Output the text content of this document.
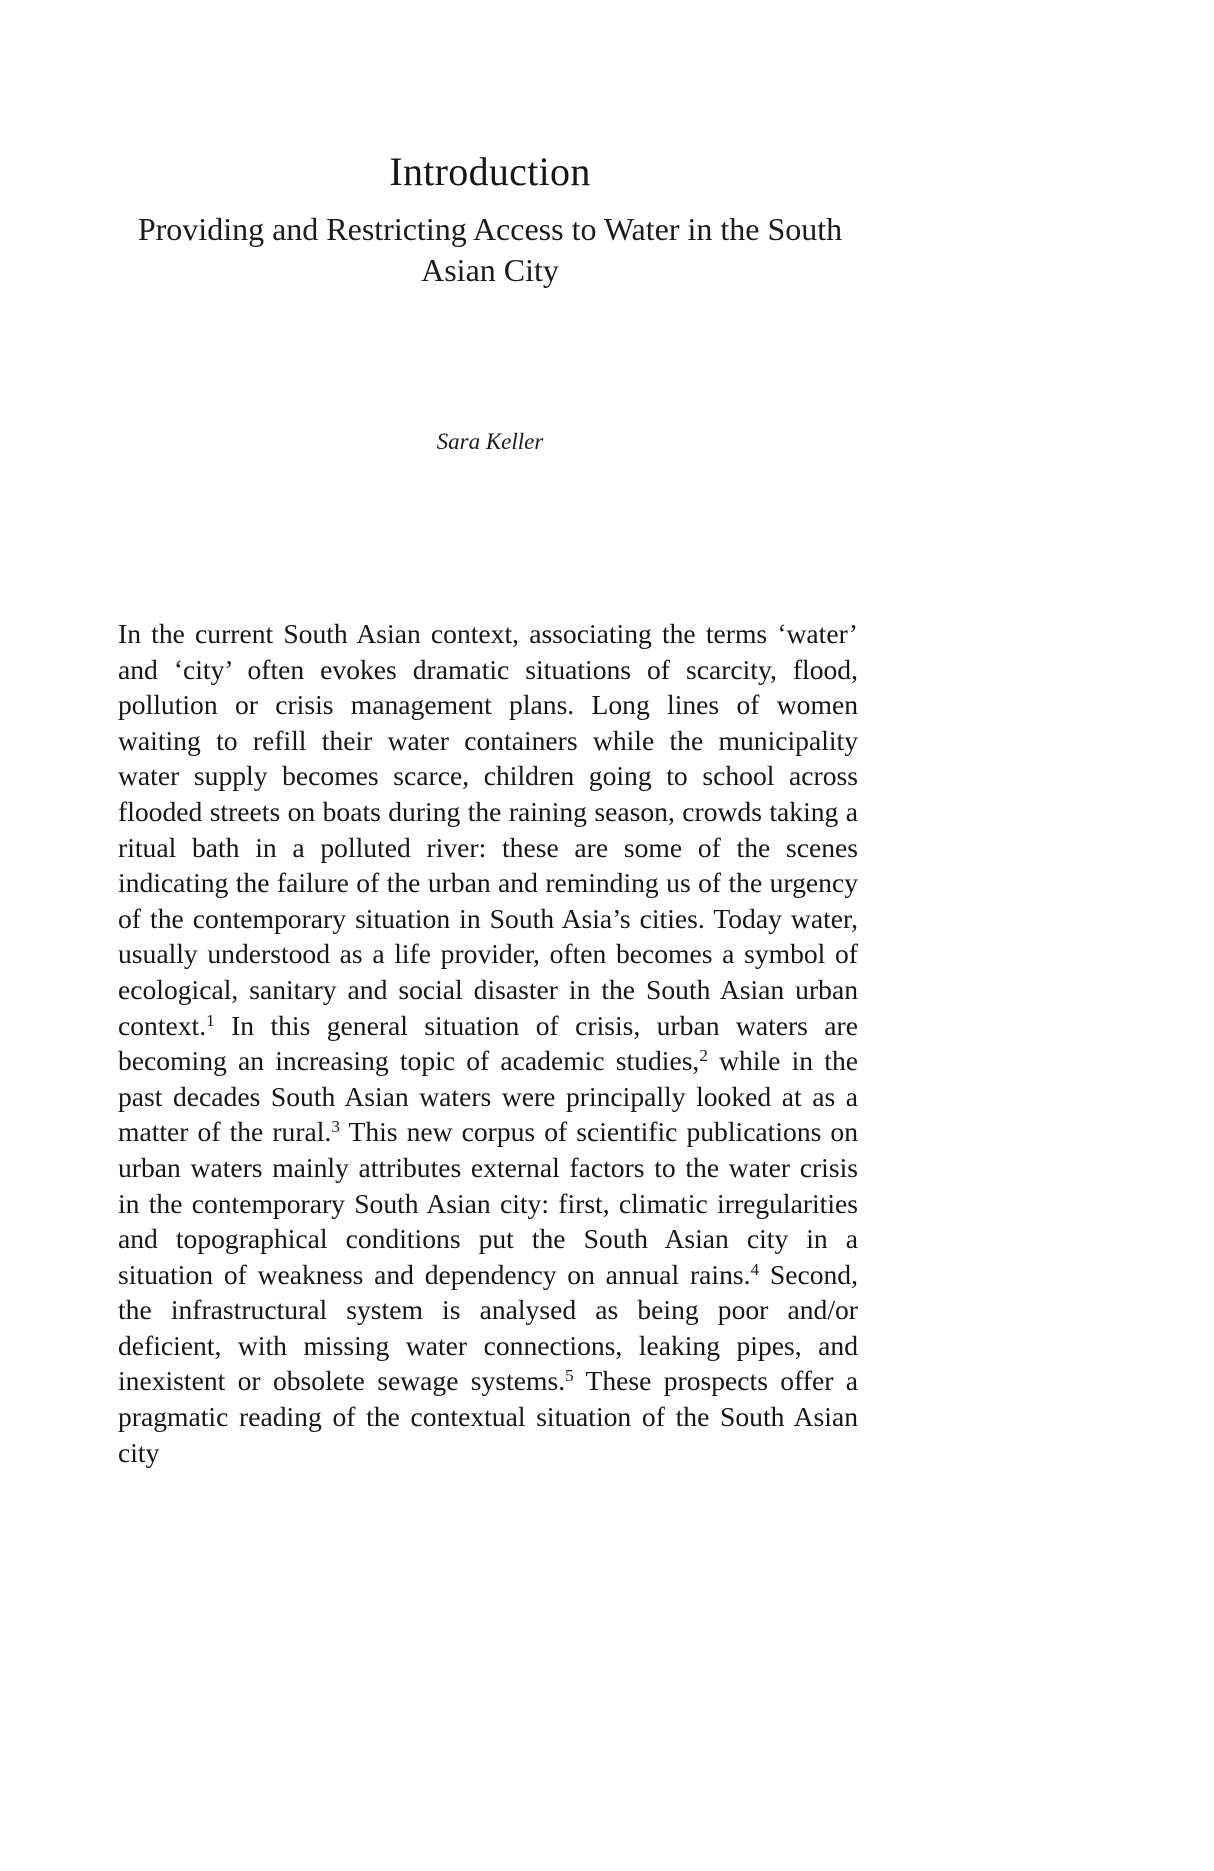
Introduction
Providing and Restricting Access to Water in the South Asian City
Sara Keller

In the current South Asian context, associating the terms ‘water’ and ‘city’ often evokes dramatic situations of scarcity, flood, pollution or crisis management plans. Long lines of women waiting to refill their water containers while the municipality water supply becomes scarce, children going to school across flooded streets on boats during the raining season, crowds taking a ritual bath in a polluted river: these are some of the scenes indicating the failure of the urban and reminding us of the urgency of the contemporary situation in South Asia’s cities. Today water, usually understood as a life provider, often becomes a symbol of ecological, sanitary and social disaster in the South Asian urban context.$^1$ In this general situation of crisis, urban waters are becoming an increasing topic of academic studies,$^2$ while in the past decades South Asian waters were principally looked at as a matter of the rural.$^3$ This new corpus of scientific publications on urban waters mainly attributes external factors to the water crisis in the contemporary South Asian city: first, climatic irregularities and topographical conditions put the South Asian city in a situation of weakness and dependency on annual rains.$^4$ Second, the infrastructural system is analysed as being poor and/or deficient, with missing water connections, leaking pipes, and inexistent or obsolete sewage systems.$^5$ These prospects offer a pragmatic reading of the contextual situation of the South Asian city
